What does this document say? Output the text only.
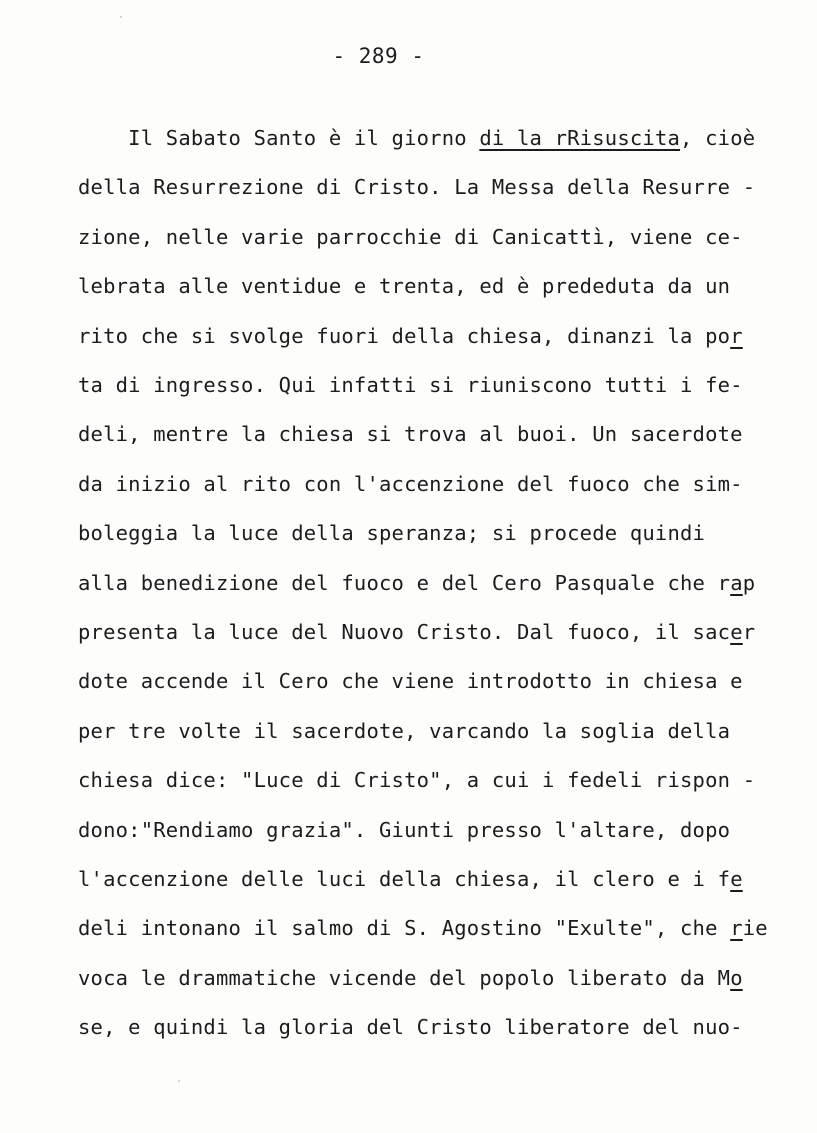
- 289 -
Il Sabato Santo è il giorno di la rRisuscita, cioè
della Resurrezione di Cristo. La Messa della Resurre -
zione, nelle varie parrocchie di Canicattì, viene ce-
lebrata alle ventidue e trenta, ed è prededuta da un
rito che si svolge fuori della chiesa, dinanzi la por
ta di ingresso. Qui infatti si riuniscono tutti i fe-
deli, mentre la chiesa si trova al buoi. Un sacerdote
da inizio al rito con l'accenzione del fuoco che sim-
boleggia la luce della speranza; si procede quindi
alla benedizione del fuoco e del Cero Pasquale che rap
presenta la luce del Nuovo Cristo. Dal fuoco, il sacer
dote accende il Cero che viene introdotto in chiesa e
per tre volte il sacerdote, varcando la soglia della
chiesa dice: "Luce di Cristo", a cui i fedeli rispon -
dono:"Rendiamo grazia". Giunti presso l'altare, dopo
l'accenzione delle luci della chiesa, il clero e i fe
deli intonano il salmo di S. Agostino "Exulte", che rie
voca le drammatiche vicende del popolo liberato da Mo
se, e quindi la gloria del Cristo liberatore del nuo-
